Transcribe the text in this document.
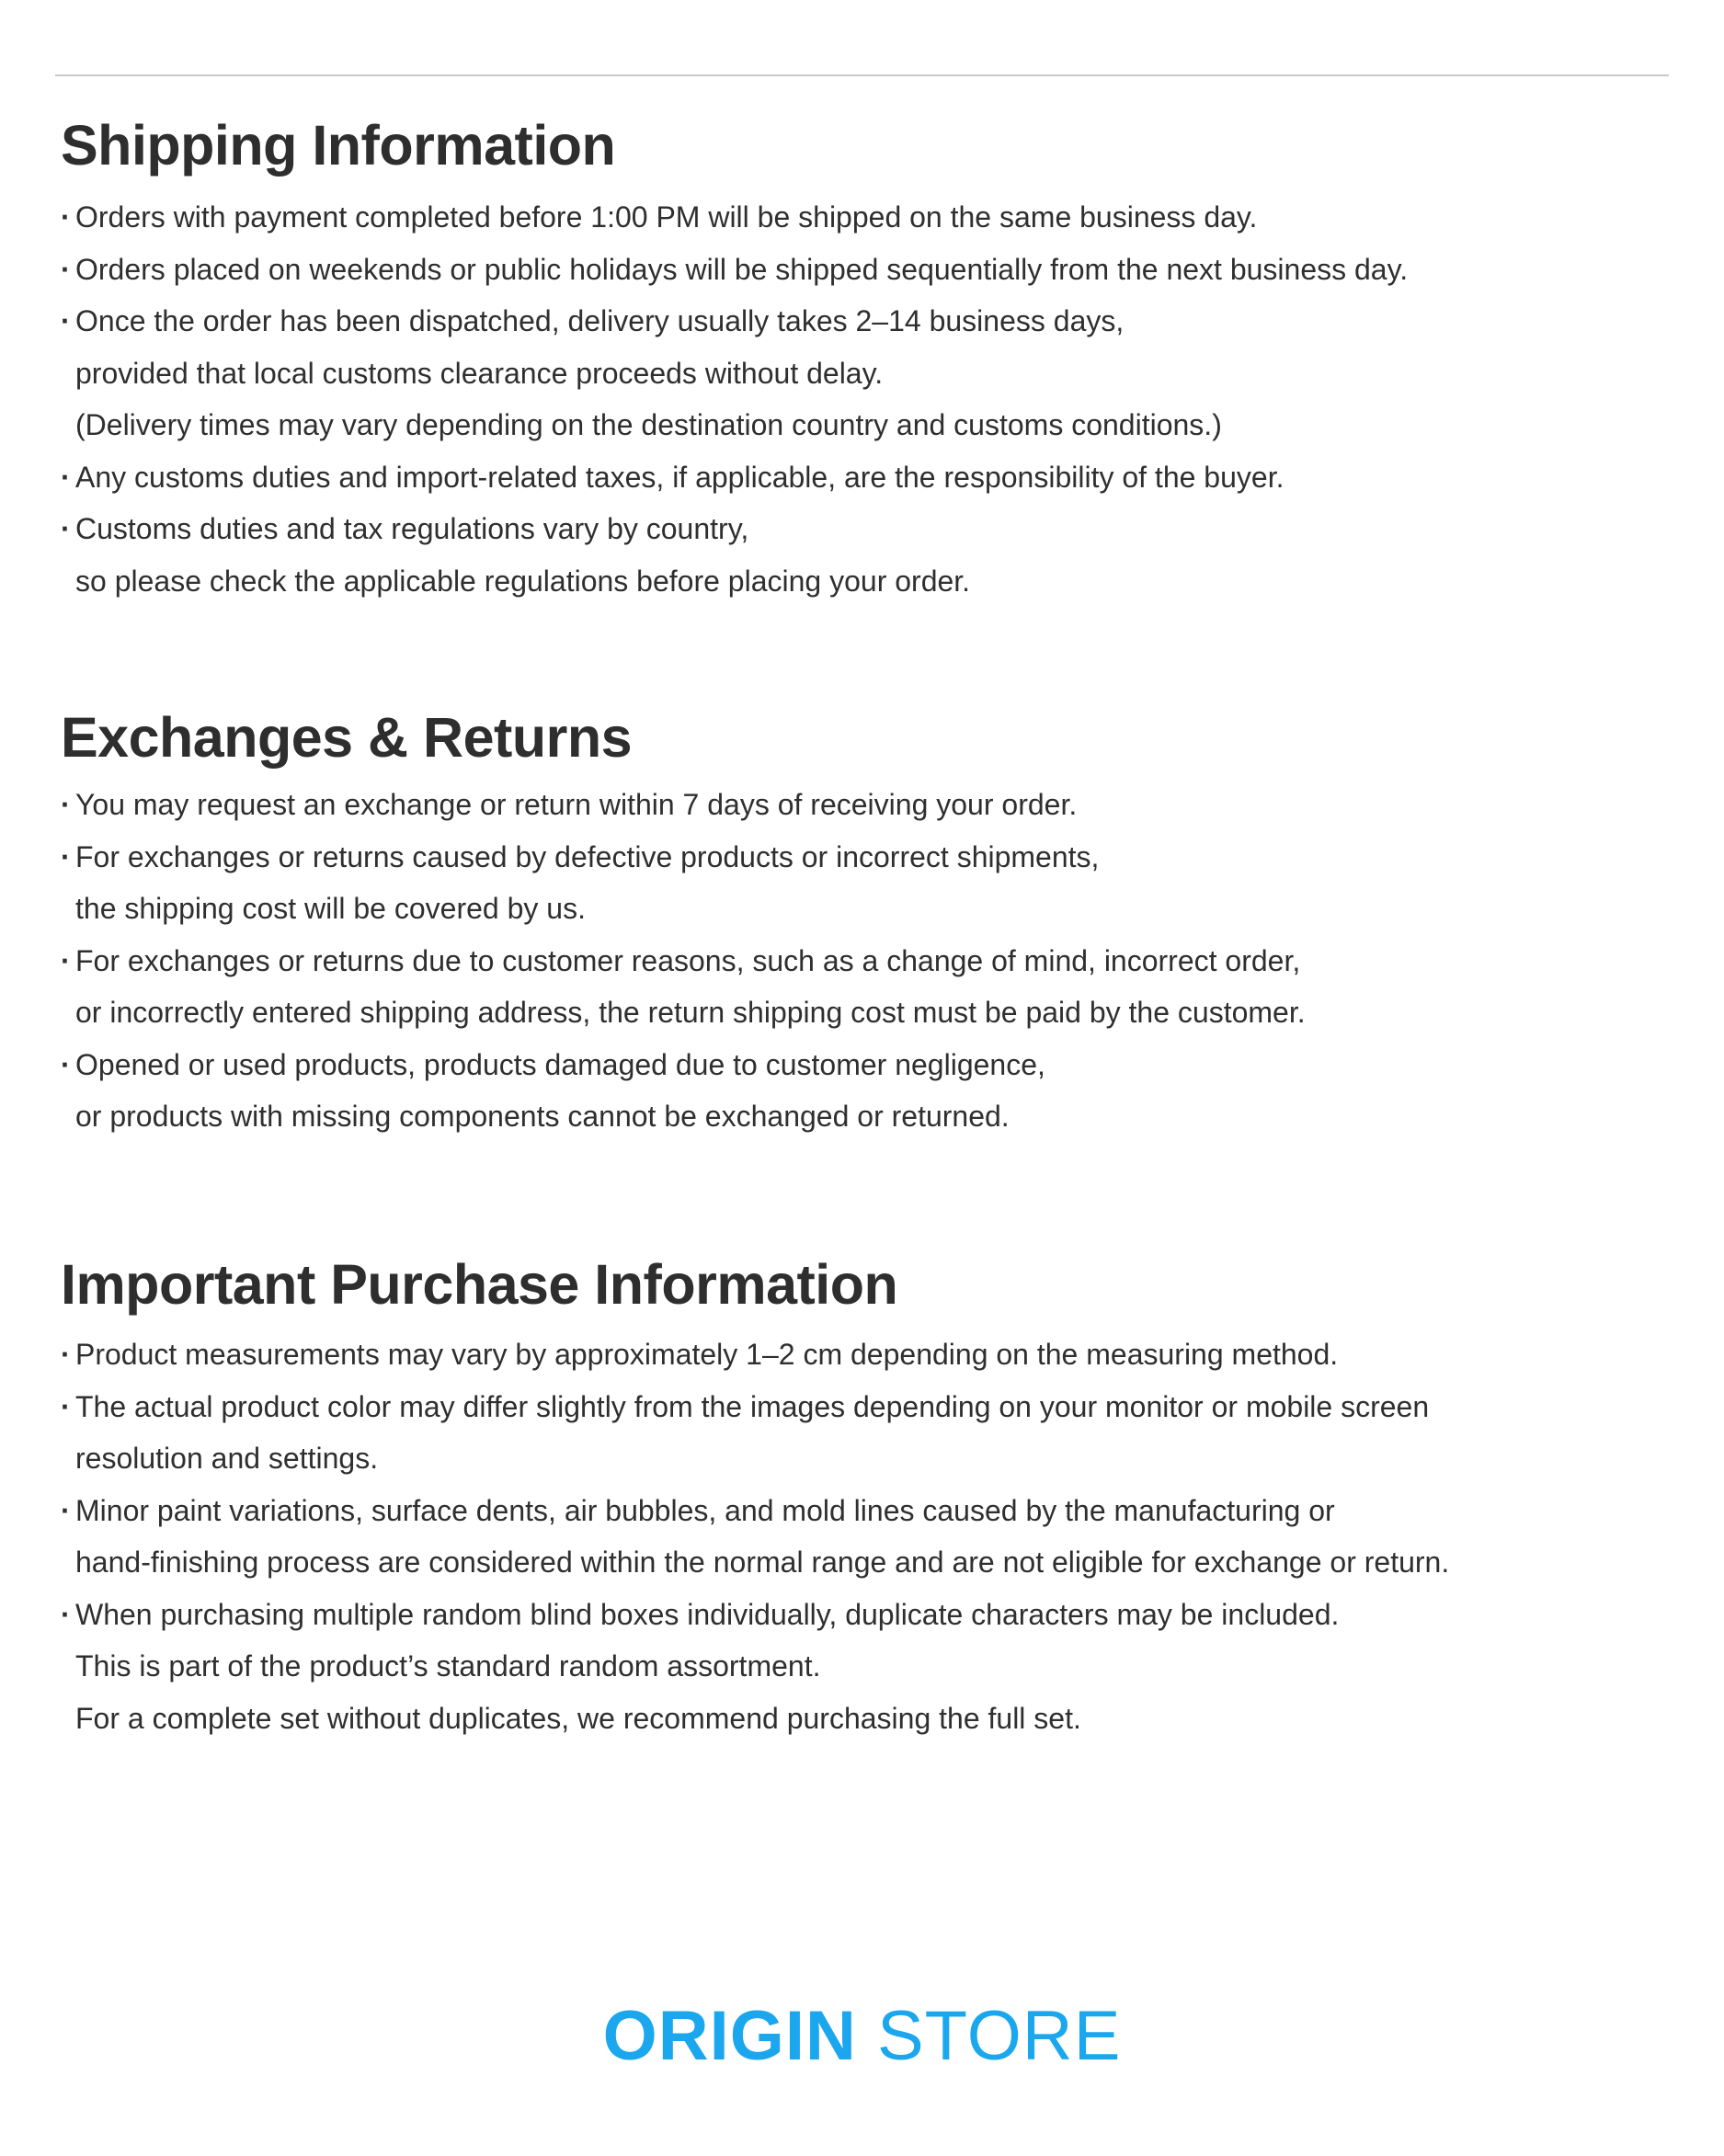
Shipping Information
· Orders with payment completed before 1:00 PM will be shipped on the same business day.
· Orders placed on weekends or public holidays will be shipped sequentially from the next business day.
· Once the order has been dispatched, delivery usually takes 2–14 business days,
provided that local customs clearance proceeds without delay.
(Delivery times may vary depending on the destination country and customs conditions.)
· Any customs duties and import-related taxes, if applicable, are the responsibility of the buyer.
· Customs duties and tax regulations vary by country,
so please check the applicable regulations before placing your order.
Exchanges & Returns
· You may request an exchange or return within 7 days of receiving your order.
· For exchanges or returns caused by defective products or incorrect shipments,
the shipping cost will be covered by us.
· For exchanges or returns due to customer reasons, such as a change of mind, incorrect order,
or incorrectly entered shipping address, the return shipping cost must be paid by the customer.
· Opened or used products, products damaged due to customer negligence,
or products with missing components cannot be exchanged or returned.
Important Purchase Information
· Product measurements may vary by approximately 1–2 cm depending on the measuring method.
· The actual product color may differ slightly from the images depending on your monitor or mobile screen
resolution and settings.
· Minor paint variations, surface dents, air bubbles, and mold lines caused by the manufacturing or
hand-finishing process are considered within the normal range and are not eligible for exchange or return.
· When purchasing multiple random blind boxes individually, duplicate characters may be included.
This is part of the product’s standard random assortment.
For a complete set without duplicates, we recommend purchasing the full set.
ORIGIN STORE
